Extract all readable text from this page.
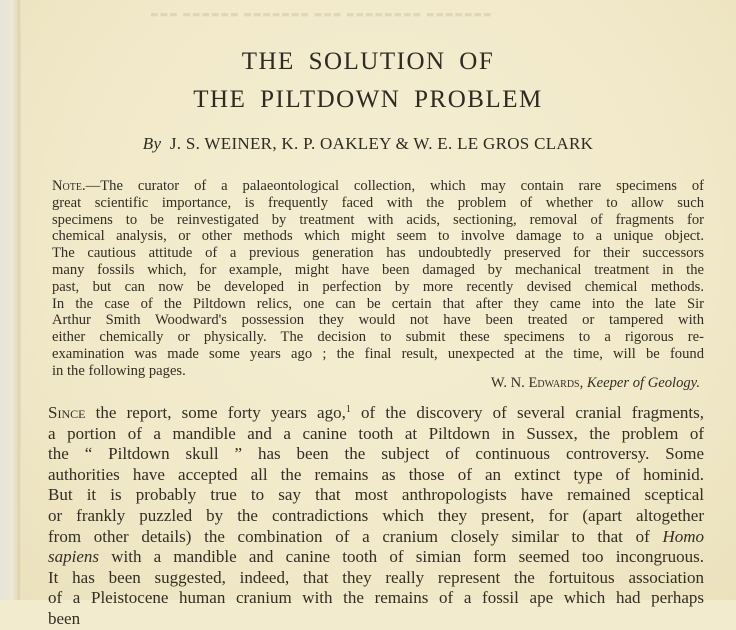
▬▬▬ ▬▬▬▬▬▬ ▬▬▬▬▬▬▬ ▬▬▬ ▬▬▬▬▬▬▬▬ ▬▬▬▬▬▬▬
THE SOLUTION OF
THE PILTDOWN PROBLEM
By J. S. WEINER, K. P. OAKLEY & W. E. LE GROS CLARK
Note.—The curator of a palaeontological collection, which may contain rare specimens of
great scientific importance, is frequently faced with the problem of whether to allow such
specimens to be reinvestigated by treatment with acids, sectioning, removal of fragments for
chemical analysis, or other methods which might seem to involve damage to a unique object.
The cautious attitude of a previous generation has undoubtedly preserved for their successors
many fossils which, for example, might have been damaged by mechanical treatment in the
past, but can now be developed in perfection by more recently devised chemical methods.
In the case of the Piltdown relics, one can be certain that after they came into the late Sir
Arthur Smith Woodward's possession they would not have been treated or tampered with
either chemically or physically. The decision to submit these specimens to a rigorous re-
examination was made some years ago ; the final result, unexpected at the time, will be found
in the following pages.
W. N. Edwards, Keeper of Geology.
Since the report, some forty years ago,$^1$ of the discovery of several cranial fragments,
a portion of a mandible and a canine tooth at Piltdown in Sussex, the problem of
the “ Piltdown skull ” has been the subject of continuous controversy. Some
authorities have accepted all the remains as those of an extinct type of hominid.
But it is probably true to say that most anthropologists have remained sceptical
or frankly puzzled by the contradictions which they present, for (apart altogether
from other details) the combination of a cranium closely similar to that of Homo
sapiens with a mandible and canine tooth of simian form seemed too incongruous.
It has been suggested, indeed, that they really represent the fortuitous association
of a Pleistocene human cranium with the remains of a fossil ape which had perhaps
been
